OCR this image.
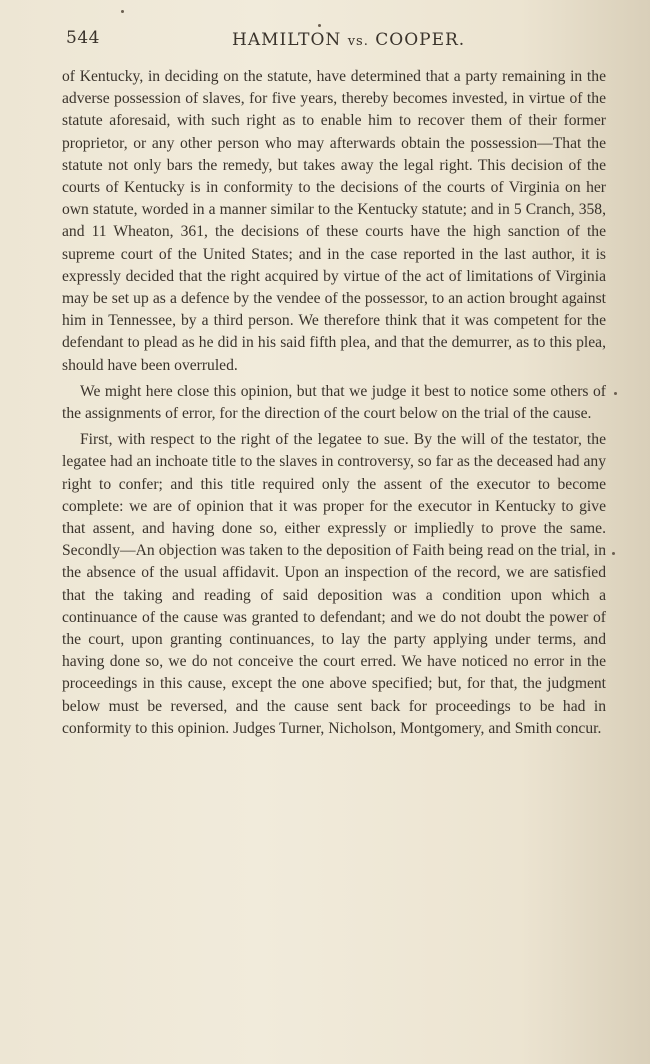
544	HAMILTON vs. COOPER.

of Kentucky, in deciding on the statute, have determined that a party remaining in the adverse possession of slaves, for five years, thereby becomes invested, in virtue of the statute aforesaid, with such right as to enable him to recover them of their former proprietor, or any other person who may afterwards obtain the possession—That the statute not only bars the remedy, but takes away the legal right. This decision of the courts of Kentucky is in conformity to the decisions of the courts of Virginia on her own statute, worded in a manner similar to the Kentucky statute; and in 5 Cranch, 358, and 11 Wheaton, 361, the decisions of these courts have the high sanction of the supreme court of the United States; and in the case reported in the last author, it is expressly decided that the right acquired by virtue of the act of limitations of Virginia may be set up as a defence by the vendee of the possessor, to an action brought against him in Tennessee, by a third person. We therefore think that it was competent for the defendant to plead as he did in his said fifth plea, and that the demurrer, as to this plea, should have been overruled.

We might here close this opinion, but that we judge it best to notice some others of the assignments of error, for the direction of the court below on the trial of the cause.

First, with respect to the right of the legatee to sue. By the will of the testator, the legatee had an inchoate title to the slaves in controversy, so far as the deceased had any right to confer; and this title required only the assent of the executor to become complete: we are of opinion that it was proper for the executor in Kentucky to give that assent, and having done so, either expressly or impliedly to prove the same. Secondly—An objection was taken to the deposition of Faith being read on the trial, in the absence of the usual affidavit. Upon an inspection of the record, we are satisfied that the taking and reading of said deposition was a condition upon which a continuance of the cause was granted to defendant; and we do not doubt the power of the court, upon granting continuances, to lay the party applying under terms, and having done so, we do not conceive the court erred. We have noticed no error in the proceedings in this cause, except the one above specified; but, for that, the judgment below must be reversed, and the cause sent back for proceedings to be had in conformity to this opinion. Judges Turner, Nicholson, Montgomery, and Smith concur.
